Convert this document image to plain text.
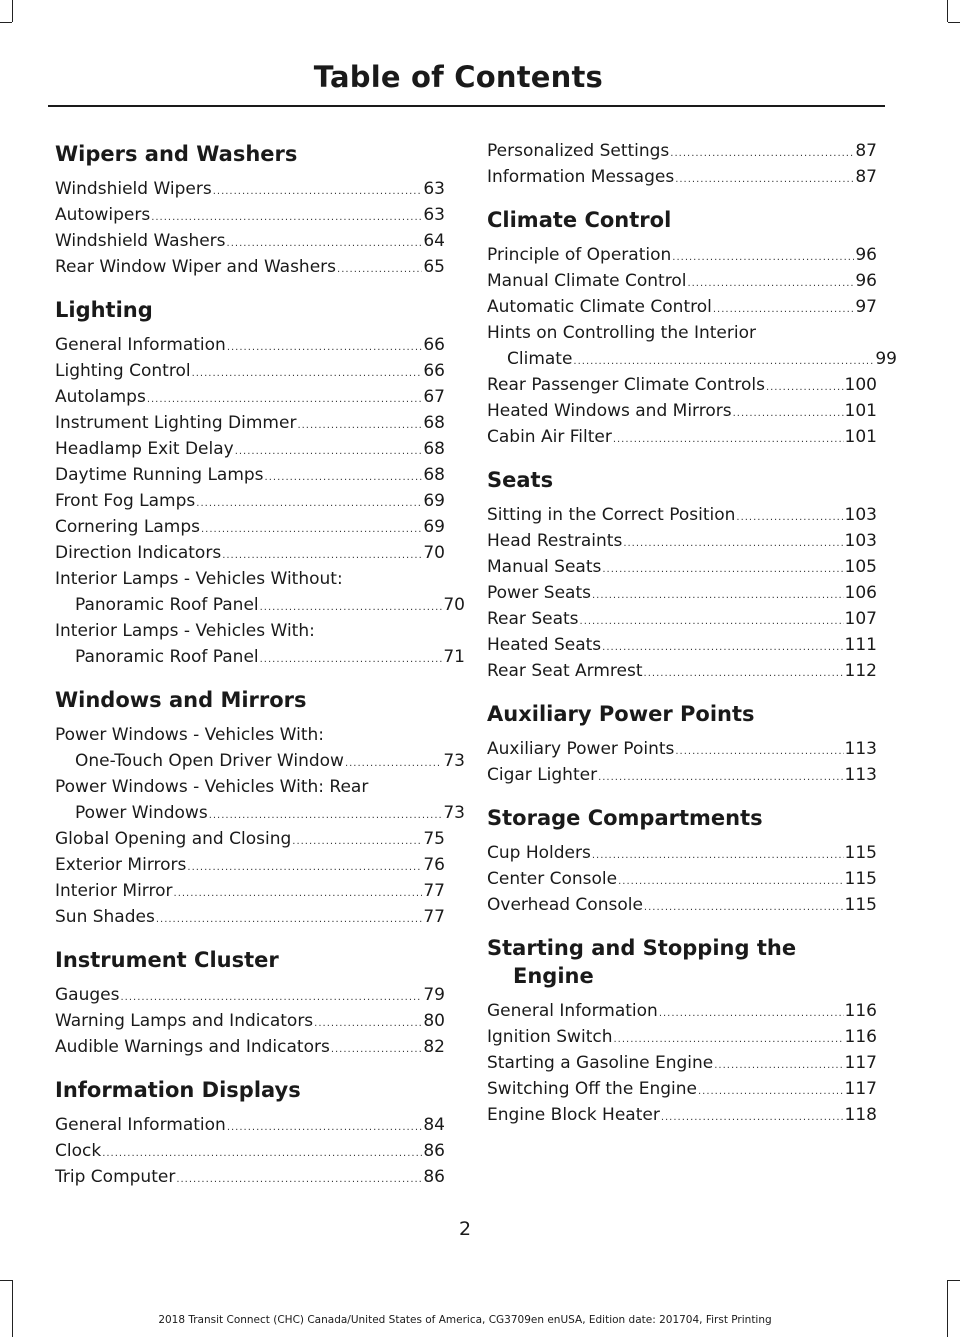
Table of Contents
Wipers and Washers
Windshield Wipers .....	63
Autowipers .....	63
Windshield Washers .....	64
Rear Window Wiper and Washers .....	65
Lighting
General Information .....	66
Lighting Control .....	66
Autolamps .....	67
Instrument Lighting Dimmer .....	68
Headlamp Exit Delay .....	68
Daytime Running Lamps .....	68
Front Fog Lamps .....	69
Cornering Lamps .....	69
Direction Indicators .....	70
Interior Lamps - Vehicles Without:
Panoramic Roof Panel .....	70
Interior Lamps - Vehicles With:
Panoramic Roof Panel .....	71
Windows and Mirrors
Power Windows - Vehicles With:
One-Touch Open Driver Window .....	73
Power Windows - Vehicles With: Rear
Power Windows .....	73
Global Opening and Closing .....	75
Exterior Mirrors .....	76
Interior Mirror .....	77
Sun Shades .....	77
Instrument Cluster
Gauges .....	79
Warning Lamps and Indicators .....	80
Audible Warnings and Indicators .....	82
Information Displays
General Information .....	84
Clock .....	86
Trip Computer .....	86
Personalized Settings .....	87
Information Messages .....	87
Climate Control
Principle of Operation .....	96
Manual Climate Control .....	96
Automatic Climate Control .....	97
Hints on Controlling the Interior
Climate .....	99
Rear Passenger Climate Controls .....	100
Heated Windows and Mirrors .....	101
Cabin Air Filter .....	101
Seats
Sitting in the Correct Position .....	103
Head Restraints .....	103
Manual Seats .....	105
Power Seats .....	106
Rear Seats .....	107
Heated Seats .....	111
Rear Seat Armrest .....	112
Auxiliary Power Points
Auxiliary Power Points .....	113
Cigar Lighter .....	113
Storage Compartments
Cup Holders .....	115
Center Console .....	115
Overhead Console .....	115
Starting and Stopping the
Engine
General Information .....	116
Ignition Switch .....	116
Starting a Gasoline Engine .....	117
Switching Off the Engine .....	117
Engine Block Heater .....	118
2
2018 Transit Connect (CHC) Canada/United States of America, CG3709en enUSA, Edition date: 201704, First Printing
